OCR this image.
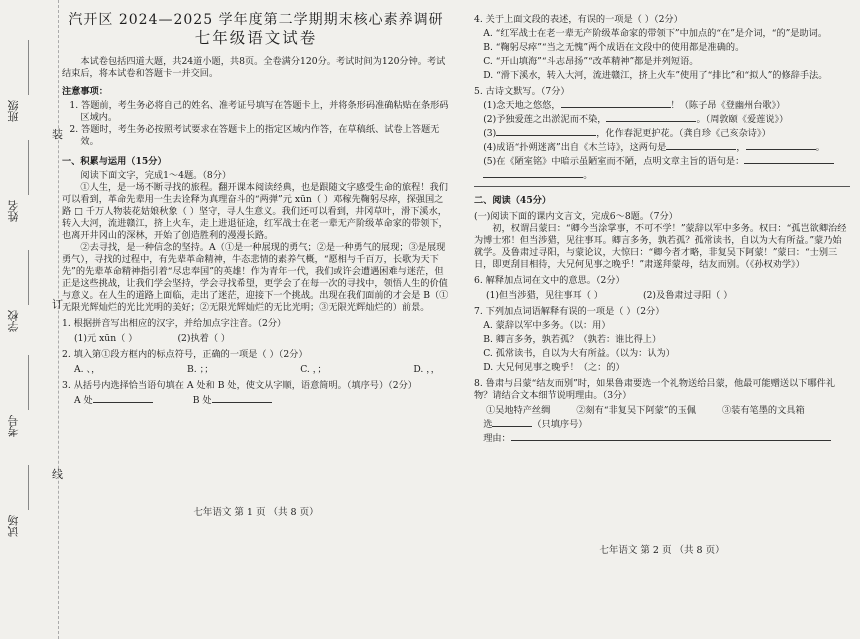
班级
姓名
学校
考号
试场
装
订
线
汽开区 2024—2025 学年度第二学期期末核心素养调研
七年级语文试卷

本试卷包括四道大题，共24道小题，共8页。全卷满分120分。考试时间为120分钟。考试结束后，将本试卷和答题卡一并交回。

注意事项：

1. 答题前，考生务必将自己的姓名、准考证号填写在答题卡上，并将条形码准确粘贴在条形码区域内。

2. 答题时，考生务必按照考试要求在答题卡上的指定区域内作答，在草稿纸、试卷上答题无效。

一、积累与运用（15分）

阅读下面文字，完成1～4题。（8分）

①人生，是一场不断寻找的旅程。翻开课本阅读经典，也是跟随文字感受生命的旅程！我们可以看到，革命先辈用一生去诠释为真理奋斗的“两弹”元 xūn（ ）邓稼先鞠躬尽瘁，探强国之路 □ 千万人物装花姑娘秋象（ ）坚守，寻人生意义。我们还可以看到，井冈草叶，滑下溪水，转入大河，流进赣江，挤上火车，走上进退征途，红军战士在老一辈无产阶级革命家的带领下，也离开井冈山的深林，开始了创造胜利的漫漫长路。

②去寻找，是一种信念的坚持。A（①是一种展现的勇气；②是一种勇气的展现；③是展现勇气），寻找的过程中，有先辈革命精神，牛态悲情的素养气概，“愿相与千百万，长歌为天下先”的先辈革命精神指引着“尽忠奉国”的英雄！作为青年一代，我们或许会遭遇困难与迷茫，但正是这些挑战，让我们学会坚持，学会寻找希望，更学会了在每一次的寻找中，领悟人生的价值与意义。在人生的道路上面临，走出了迷茫，迎接下一个挑战。出现在我们面前的才会是 B（①无限光辉灿烂的光比光明的美好；②无限光辉灿烂的无比光明；③无限光辉灿烂的）前景。

1. 根据拼音写出相应的汉字，并给加点字注音。（2分）

(1)元 xūn（ ）	(2)执着（ ）

2. 填入第①段方框内的标点符号，正确的一项是（ ）（2分）

A. 、，	B. ；；	C. ，；	D. ，，

3. 从括号内选择恰当语句填在 A 处和 B 处，使文从字顺，语意简明。（填序号）（2分）

A 处	B 处
七年语文 第 1 页 （共 8 页）

4. 关于上面文段的表述，有误的一项是（ ）（2分）

A. “红军战士在老一辈无产阶级革命家的带领下”中加点的“在”是介词，“的”是助词。

B. “鞠躬尽瘁”“当之无愧”两个成语在文段中的使用都是准确的。

C. “开山填海”“斗志昂扬”“改革精神”都是并列短语。

D. “滑下溪水，转入大河，流进赣江，挤上火车”使用了“排比”和“拟人”的修辞手法。

5. 古诗文默写。（7分）

(1)念天地之悠悠，	！（陈子昂《登幽州台歌》）

(2)予独爱莲之出淤泥而不染，	。（周敦颐《爱莲说》）

(3)	，化作春泥更护花。（龚自珍《己亥杂诗》）

(4)成语“扑朔迷离”出自《木兰诗》，这两句是	，	。

(5)在《陋室铭》中暗示虽陋室而不陋，点明文章主旨的语句是：

。

二、阅读（45分）

(一)阅读下面的课内文言文，完成6～8题。（7分）

初，权谓吕蒙曰：“卿今当涂掌事，不可不学！”蒙辞以军中多务。权曰：“孤岂欲卿治经为博士邪！但当涉猎，见往事耳。卿言多务，孰若孤？孤常读书，自以为大有所益。”蒙乃始就学。及鲁肃过寻阳，与蒙论议，大惊曰：“卿今者才略，非复吴下阿蒙！”蒙曰：“士别三日，即更刮目相待，大兄何见事之晚乎！”肃遂拜蒙母，结友而别。（《孙权劝学》）

6. 解释加点词在文中的意思。（2分）

(1)但当涉猎，见往事耳（ ）	(2)及鲁肃过寻阳（ ）

7. 下列加点词语解释有误的一项是（ ）（2分）

A. 蒙辞以军中多务。（以：用）

B. 卿言多务，孰若孤？（孰若：谁比得上）

C. 孤常读书，自以为大有所益。（以为：认为）

D. 大兄何见事之晚乎！（之：的）

8. 鲁肃与吕蒙“结友而别”时，如果鲁肃要选一个礼物送给吕蒙，他最可能赠送以下哪件礼物？请结合文本细节说明理由。（3分）

①吴地特产丝绸	②刻有“非复吴下阿蒙”的玉佩	③装有笔墨的文具箱

选	（只填序号）

理由：

七年语文 第 2 页 （共 8 页）
